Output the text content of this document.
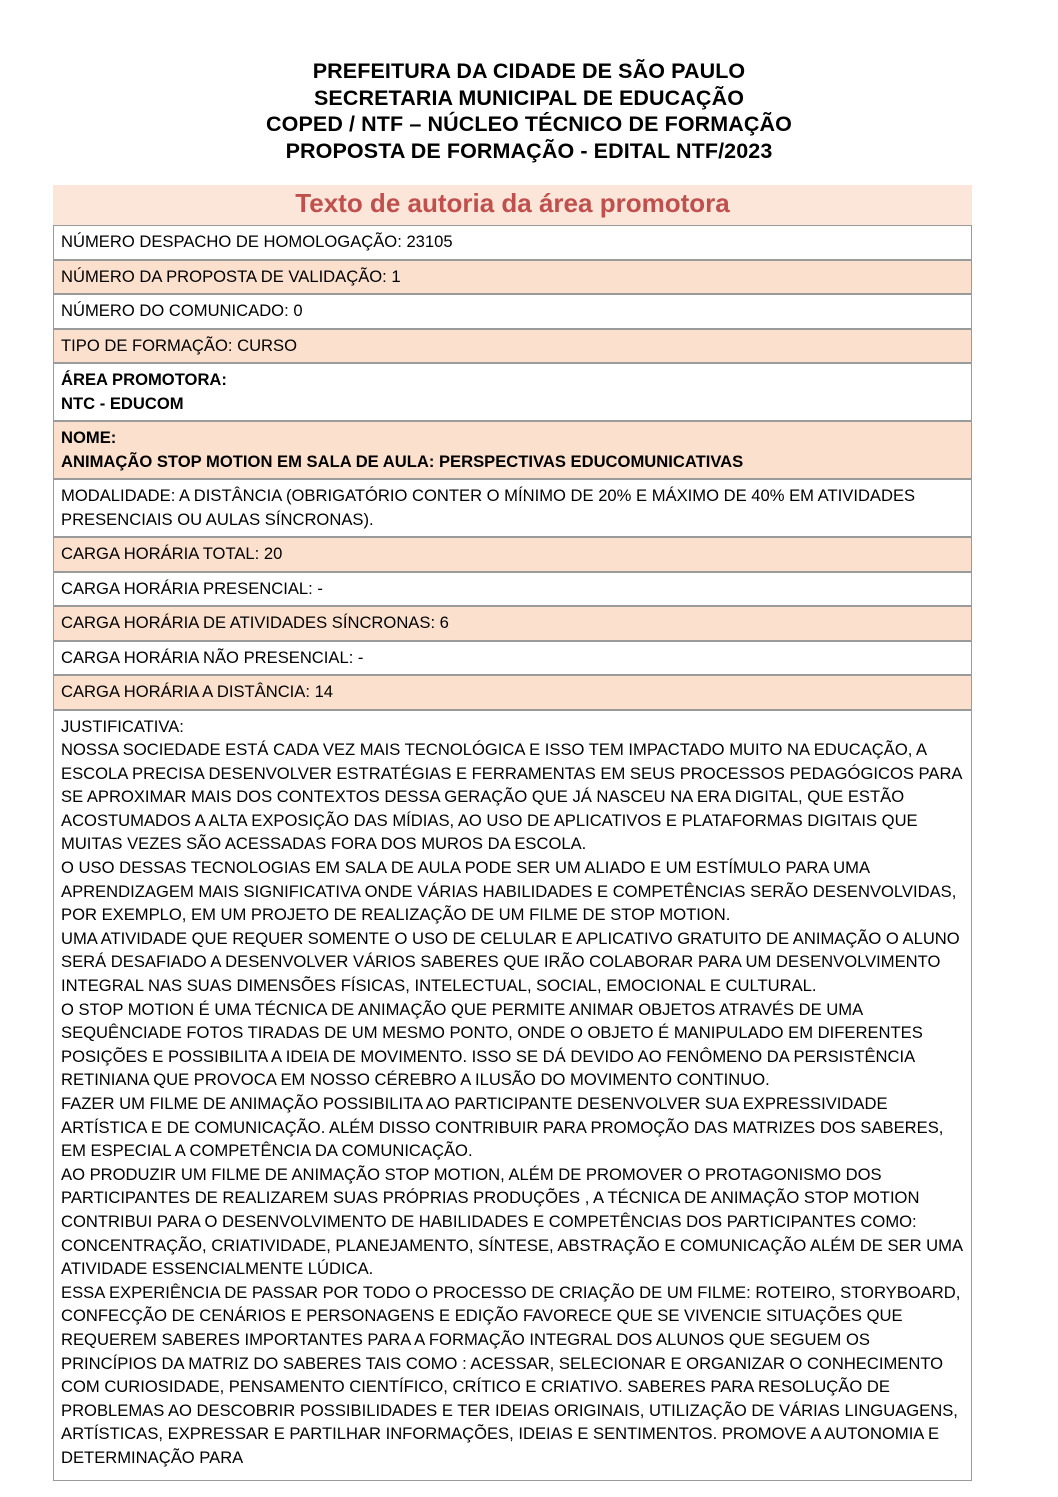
PREFEITURA DA CIDADE DE SÃO PAULO
SECRETARIA MUNICIPAL DE EDUCAÇÃO
COPED / NTF – NÚCLEO TÉCNICO DE FORMAÇÃO
PROPOSTA DE FORMAÇÃO - EDITAL NTF/2023
Texto de autoria da área promotora

NÚMERO DESPACHO DE HOMOLOGAÇÃO: 23105

NÚMERO DA PROPOSTA DE VALIDAÇÃO: 1

NÚMERO DO COMUNICADO: 0

TIPO DE FORMAÇÃO: CURSO

ÁREA PROMOTORA:
NTC - EDUCOM

NOME:
ANIMAÇÃO STOP MOTION EM SALA DE AULA: PERSPECTIVAS EDUCOMUNICATIVAS

MODALIDADE: A DISTÂNCIA (OBRIGATÓRIO CONTER O MÍNIMO DE 20% E MÁXIMO DE 40% EM ATIVIDADES PRESENCIAIS OU AULAS SÍNCRONAS).

CARGA HORÁRIA TOTAL: 20

CARGA HORÁRIA PRESENCIAL: -

CARGA HORÁRIA DE ATIVIDADES SÍNCRONAS: 6

CARGA HORÁRIA NÃO PRESENCIAL: -

CARGA HORÁRIA A DISTÂNCIA: 14

JUSTIFICATIVA:

NOSSA SOCIEDADE ESTÁ CADA VEZ MAIS TECNOLÓGICA E ISSO TEM IMPACTADO MUITO NA EDUCAÇÃO, A ESCOLA PRECISA DESENVOLVER ESTRATÉGIAS E FERRAMENTAS EM SEUS PROCESSOS PEDAGÓGICOS PARA SE APROXIMAR MAIS DOS CONTEXTOS DESSA GERAÇÃO QUE JÁ NASCEU NA ERA DIGITAL, QUE ESTÃO ACOSTUMADOS A ALTA EXPOSIÇÃO DAS MÍDIAS, AO USO DE APLICATIVOS E PLATAFORMAS DIGITAIS QUE MUITAS VEZES SÃO ACESSADAS FORA DOS MUROS DA ESCOLA.

O USO DESSAS TECNOLOGIAS EM SALA DE AULA PODE SER UM ALIADO E UM ESTÍMULO PARA UMA APRENDIZAGEM MAIS SIGNIFICATIVA ONDE VÁRIAS HABILIDADES E COMPETÊNCIAS SERÃO DESENVOLVIDAS, POR EXEMPLO, EM UM PROJETO DE REALIZAÇÃO DE UM FILME DE STOP MOTION.

UMA ATIVIDADE QUE REQUER SOMENTE O USO DE CELULAR E APLICATIVO GRATUITO DE ANIMAÇÃO O ALUNO SERÁ DESAFIADO A DESENVOLVER VÁRIOS SABERES QUE IRÃO COLABORAR PARA UM DESENVOLVIMENTO INTEGRAL NAS SUAS DIMENSÕES FÍSICAS, INTELECTUAL, SOCIAL, EMOCIONAL E CULTURAL.

O STOP MOTION É UMA TÉCNICA DE ANIMAÇÃO QUE PERMITE ANIMAR OBJETOS ATRAVÉS DE UMA SEQUÊNCIADE FOTOS TIRADAS DE UM MESMO PONTO, ONDE O OBJETO É MANIPULADO EM DIFERENTES POSIÇÕES E POSSIBILITA A IDEIA DE MOVIMENTO. ISSO SE DÁ DEVIDO AO FENÔMENO DA PERSISTÊNCIA RETINIANA QUE PROVOCA EM NOSSO CÉREBRO A ILUSÃO DO MOVIMENTO CONTINUO.

FAZER UM FILME DE ANIMAÇÃO POSSIBILITA AO PARTICIPANTE DESENVOLVER SUA EXPRESSIVIDADE ARTÍSTICA E DE COMUNICAÇÃO. ALÉM DISSO CONTRIBUIR PARA PROMOÇÃO DAS MATRIZES DOS SABERES, EM ESPECIAL A COMPETÊNCIA DA COMUNICAÇÃO.

AO PRODUZIR UM FILME DE ANIMAÇÃO STOP MOTION, ALÉM DE PROMOVER O PROTAGONISMO DOS PARTICIPANTES DE REALIZAREM SUAS PRÓPRIAS PRODUÇÕES , A TÉCNICA DE ANIMAÇÃO STOP MOTION CONTRIBUI PARA O DESENVOLVIMENTO DE HABILIDADES E COMPETÊNCIAS DOS PARTICIPANTES COMO: CONCENTRAÇÃO, CRIATIVIDADE, PLANEJAMENTO, SÍNTESE, ABSTRAÇÃO E COMUNICAÇÃO ALÉM DE SER UMA ATIVIDADE ESSENCIALMENTE LÚDICA.

ESSA EXPERIÊNCIA DE PASSAR POR TODO O PROCESSO DE CRIAÇÃO DE UM FILME: ROTEIRO, STORYBOARD, CONFECÇÃO DE CENÁRIOS E PERSONAGENS E EDIÇÃO FAVORECE QUE SE VIVENCIE SITUAÇÕES QUE REQUEREM SABERES IMPORTANTES PARA A FORMAÇÃO INTEGRAL DOS ALUNOS QUE SEGUEM OS PRINCÍPIOS DA MATRIZ DO SABERES TAIS COMO : ACESSAR, SELECIONAR E ORGANIZAR O CONHECIMENTO COM CURIOSIDADE, PENSAMENTO CIENTÍFICO, CRÍTICO E CRIATIVO. SABERES PARA RESOLUÇÃO DE PROBLEMAS AO DESCOBRIR POSSIBILIDADES E TER IDEIAS ORIGINAIS, UTILIZAÇÃO DE VÁRIAS LINGUAGENS, ARTÍSTICAS, EXPRESSAR E PARTILHAR INFORMAÇÕES, IDEIAS E SENTIMENTOS. PROMOVE A AUTONOMIA E DETERMINAÇÃO PARA
